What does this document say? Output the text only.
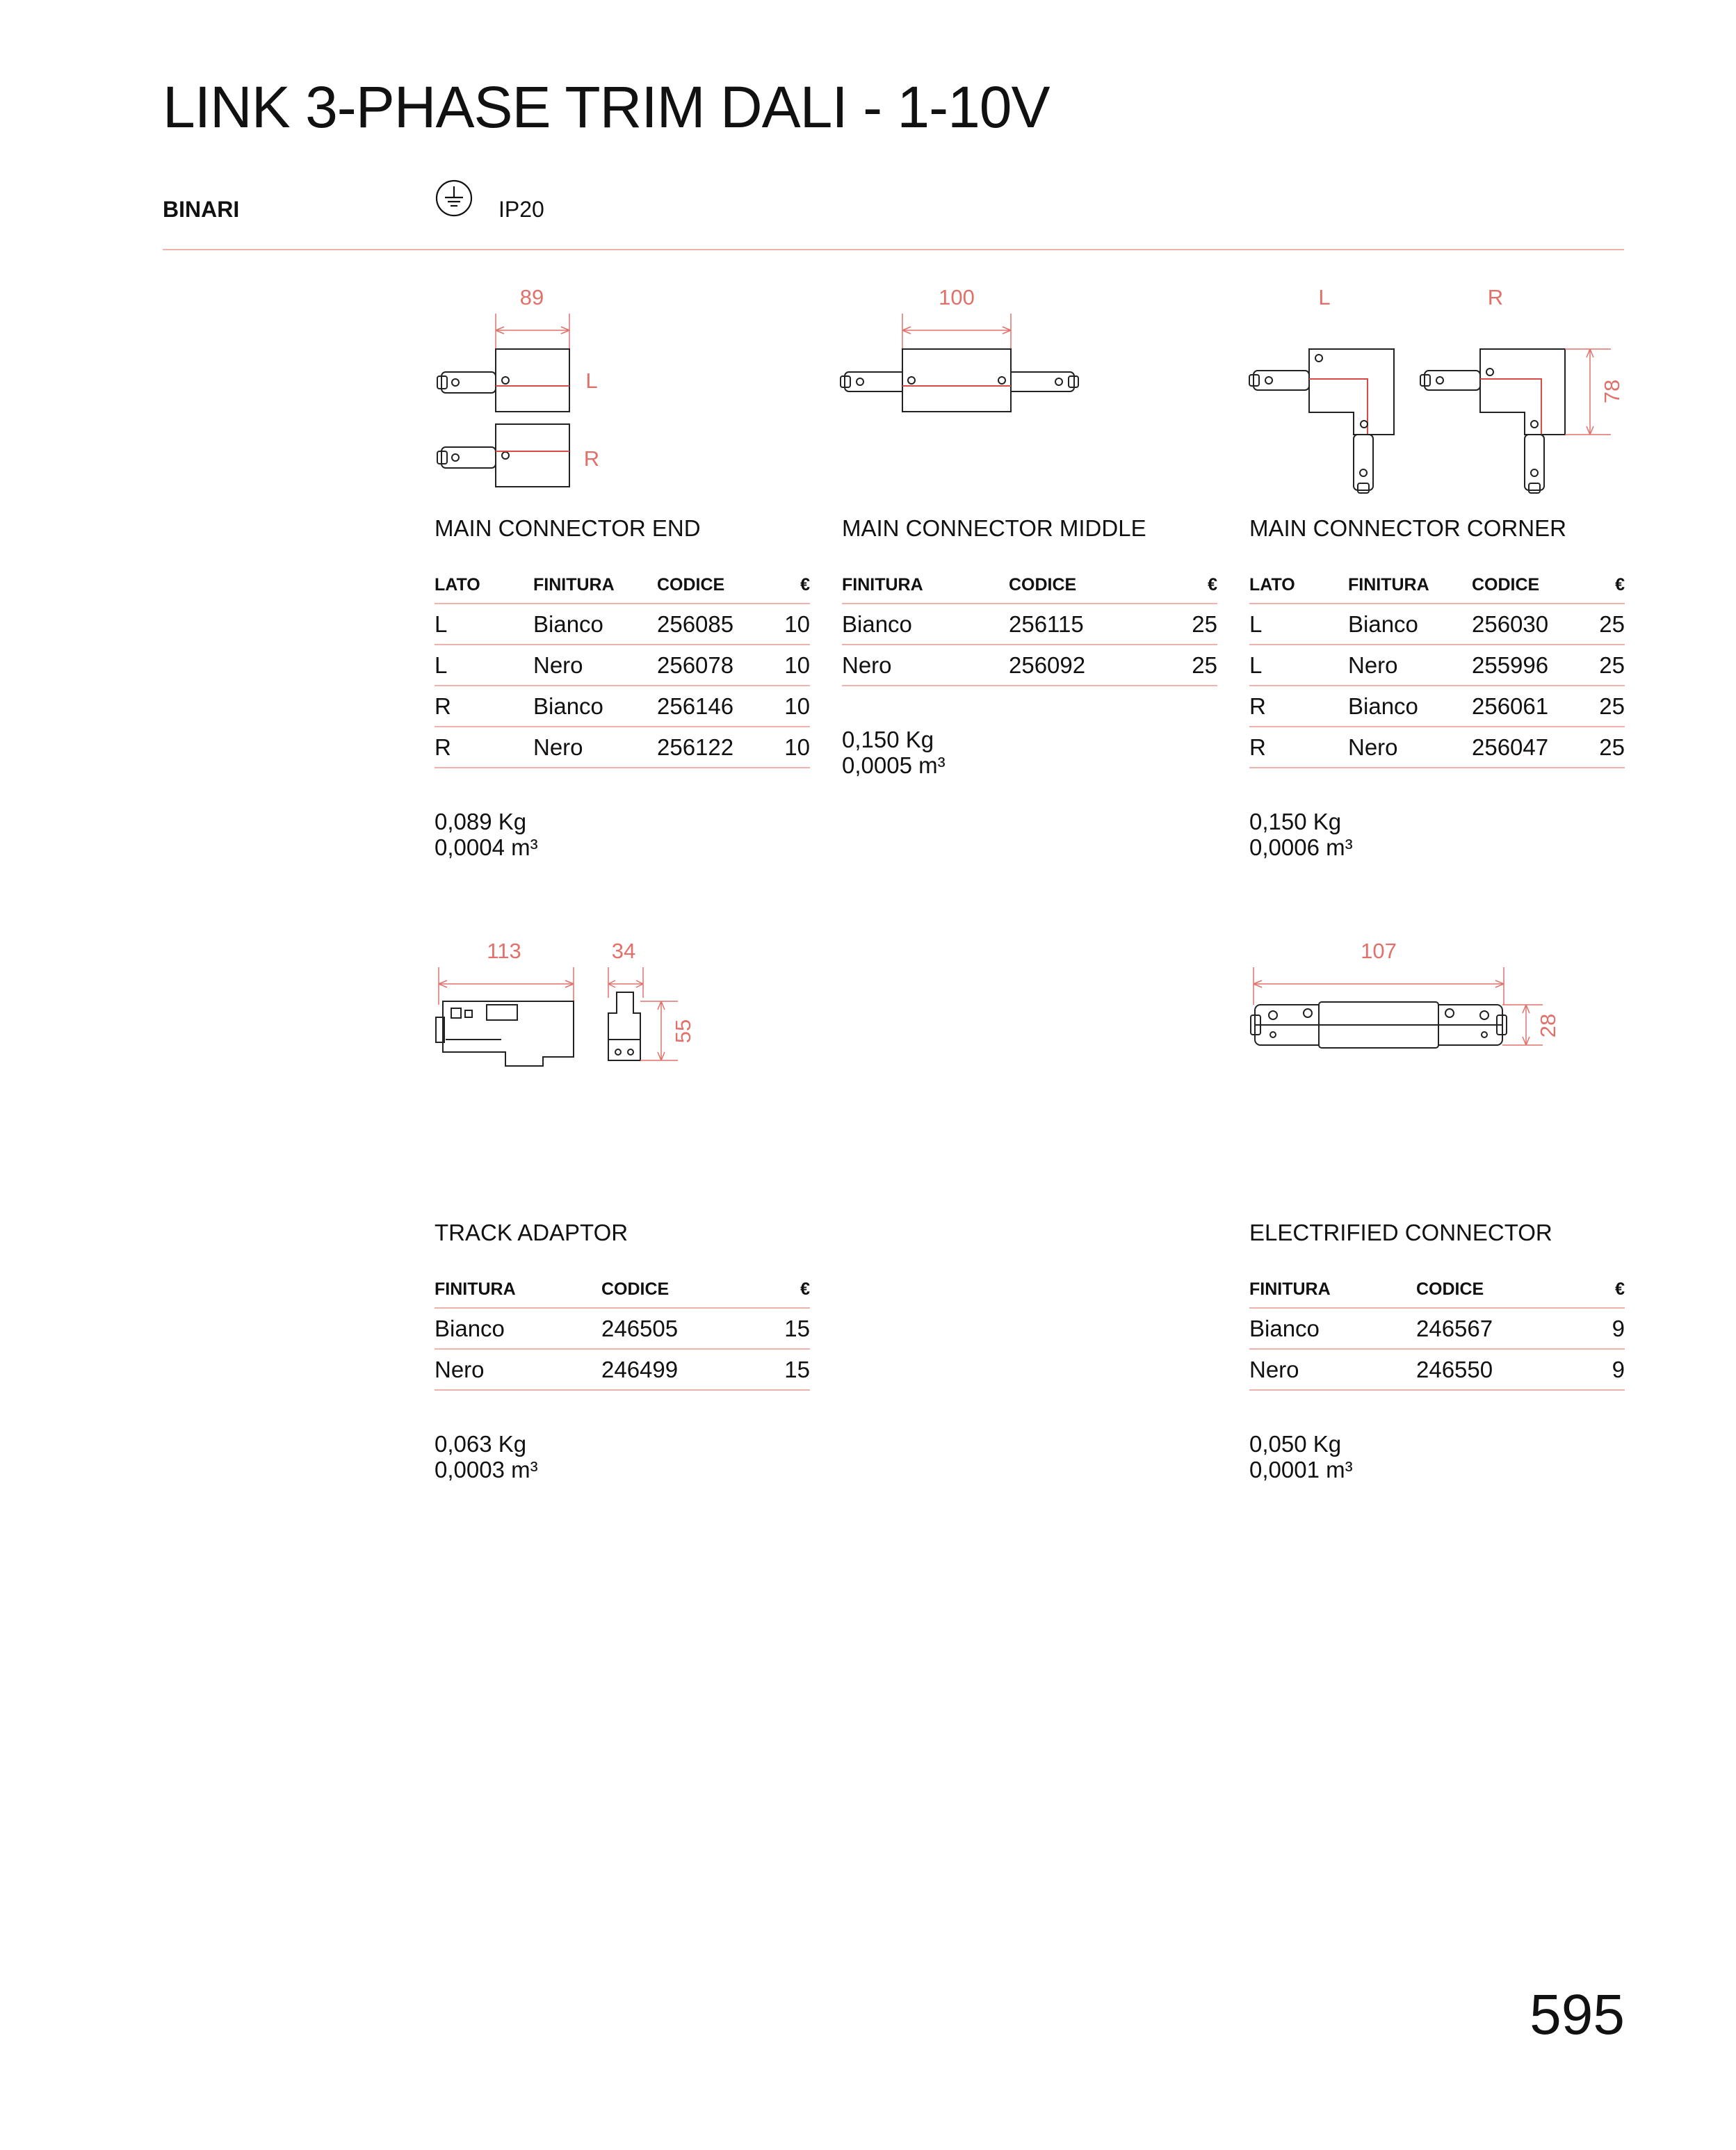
LINK 3-PHASE TRIM DALI - 1-10V
BINARI	IP20
89
L
R
MAIN CONNECTOR END
LATO	FINITURA	CODICE	€
L	Bianco	256085	10
L	Nero	256078	10
R	Bianco	256146	10
R	Nero	256122	10
0,089 Kg
0,0004 m³
100
MAIN CONNECTOR MIDDLE
FINITURA	CODICE	€
Bianco	256115	25
Nero	256092	25
0,150 Kg
0,0005 m³
L	R
78
MAIN CONNECTOR CORNER
LATO	FINITURA	CODICE	€
L	Bianco	256030	25
L	Nero	255996	25
R	Bianco	256061	25
R	Nero	256047	25
0,150 Kg
0,0006 m³
113	34
55
TRACK ADAPTOR
FINITURA	CODICE	€
Bianco	246505	15
Nero	246499	15
0,063 Kg
0,0003 m³
107
28
ELECTRIFIED CONNECTOR
FINITURA	CODICE	€
Bianco	246567	9
Nero	246550	9
0,050 Kg
0,0001 m³
595
